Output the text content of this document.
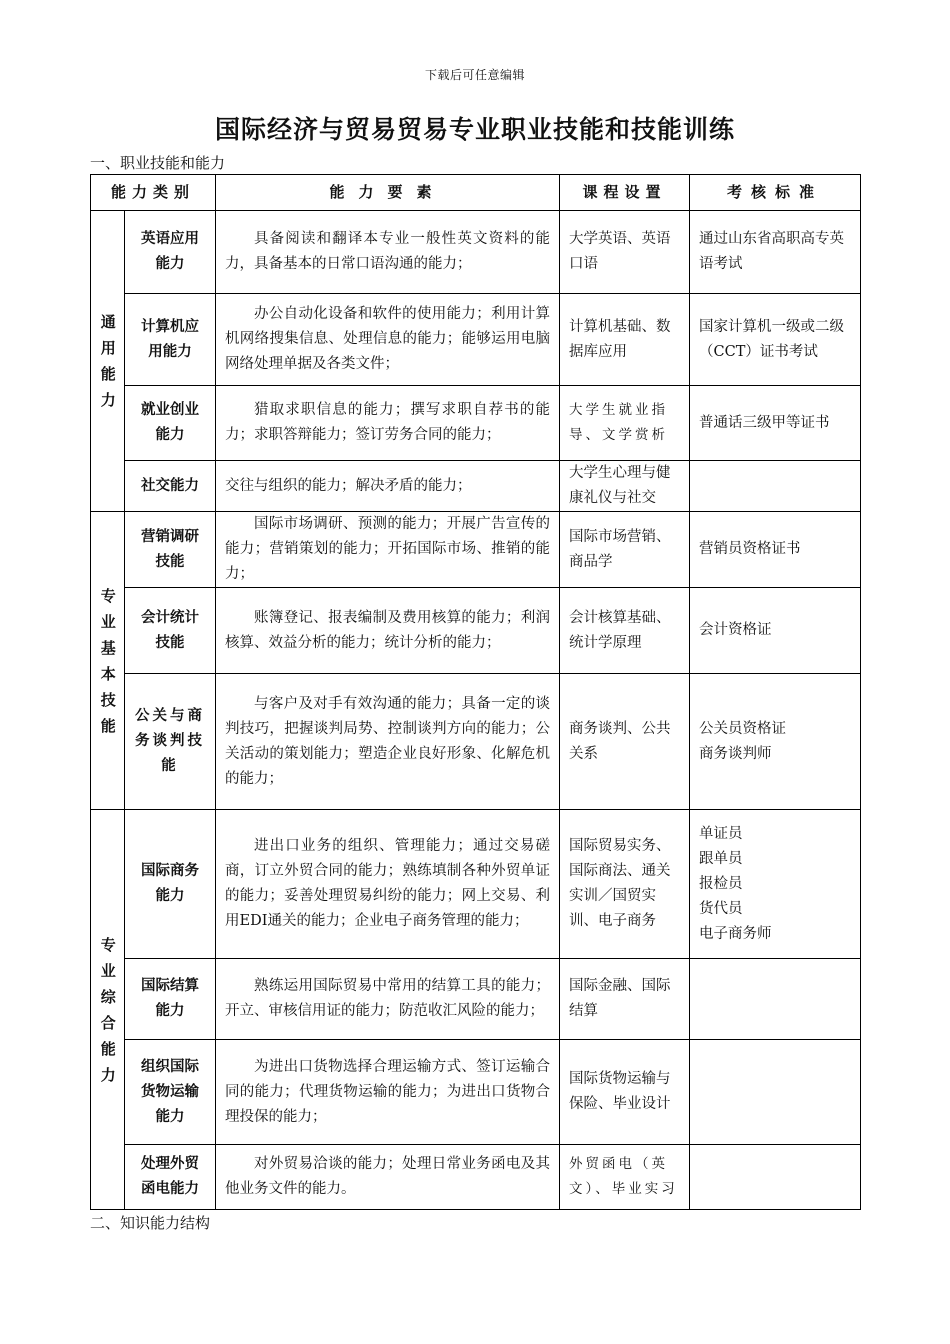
下载后可任意编辑
国际经济与贸易贸易专业职业技能和技能训练
一、职业技能和能力
能力类别		能力要素	课程设置	考核标准

通用能力	英语应用能力	具备阅读和翻译本专业一般性英文资料的能力，具备基本的日常口语沟通的能力；	大学英语、英语口语	通过山东省高职高专英语考试
	计算机应用能力	办公自动化设备和软件的使用能力；利用计算机网络搜集信息、处理信息的能力；能够运用电脑网络处理单据及各类文件；	计算机基础、数据库应用	国家计算机一级或二级（CCT）证书考试
	就业创业能力	猎取求职信息的能力；撰写求职自荐书的能力；求职答辩能力；签订劳务合同的能力；	大学生就业指导、文学赏析	普通话三级甲等证书
	社交能力	交往与组织的能力；解决矛盾的能力；	大学生心理与健康礼仪与社交	

专业基本技能	营销调研技能	国际市场调研、预测的能力；开展广告宣传的能力；营销策划的能力；开拓国际市场、推销的能力；	国际市场营销、商品学	营销员资格证书
	会计统计技能	账簿登记、报表编制及费用核算的能力；利润核算、效益分析的能力；统计分析的能力；	会计核算基础、统计学原理	会计资格证
	公关与商务谈判技能	与客户及对手有效沟通的能力；具备一定的谈判技巧，把握谈判局势、控制谈判方向的能力；公关活动的策划能力；塑造企业良好形象、化解危机的能力；	商务谈判、公共关系	公关员资格证
商务谈判师

专业综合能力	国际商务能力	进出口业务的组织、管理能力；通过交易磋商，订立外贸合同的能力；熟练填制各种外贸单证的能力；妥善处理贸易纠纷的能力；网上交易、利用EDI通关的能力；企业电子商务管理的能力；	国际贸易实务、国际商法、通关实训／国贸实训、电子商务	单证员
跟单员
报检员
货代员
电子商务师
	国际结算能力	熟练运用国际贸易中常用的结算工具的能力；开立、审核信用证的能力；防范收汇风险的能力；	国际金融、国际结算	
	组织国际货物运输能力	为进出口货物选择合理运输方式、签订运输合同的能力；代理货物运输的能力；为进出口货物合理投保的能力；	国际货物运输与保险、毕业设计	
	处理外贸函电能力	对外贸易洽谈的能力；处理日常业务函电及其他业务文件的能力。	外贸函电（英文）、毕业实习	
二、知识能力结构
